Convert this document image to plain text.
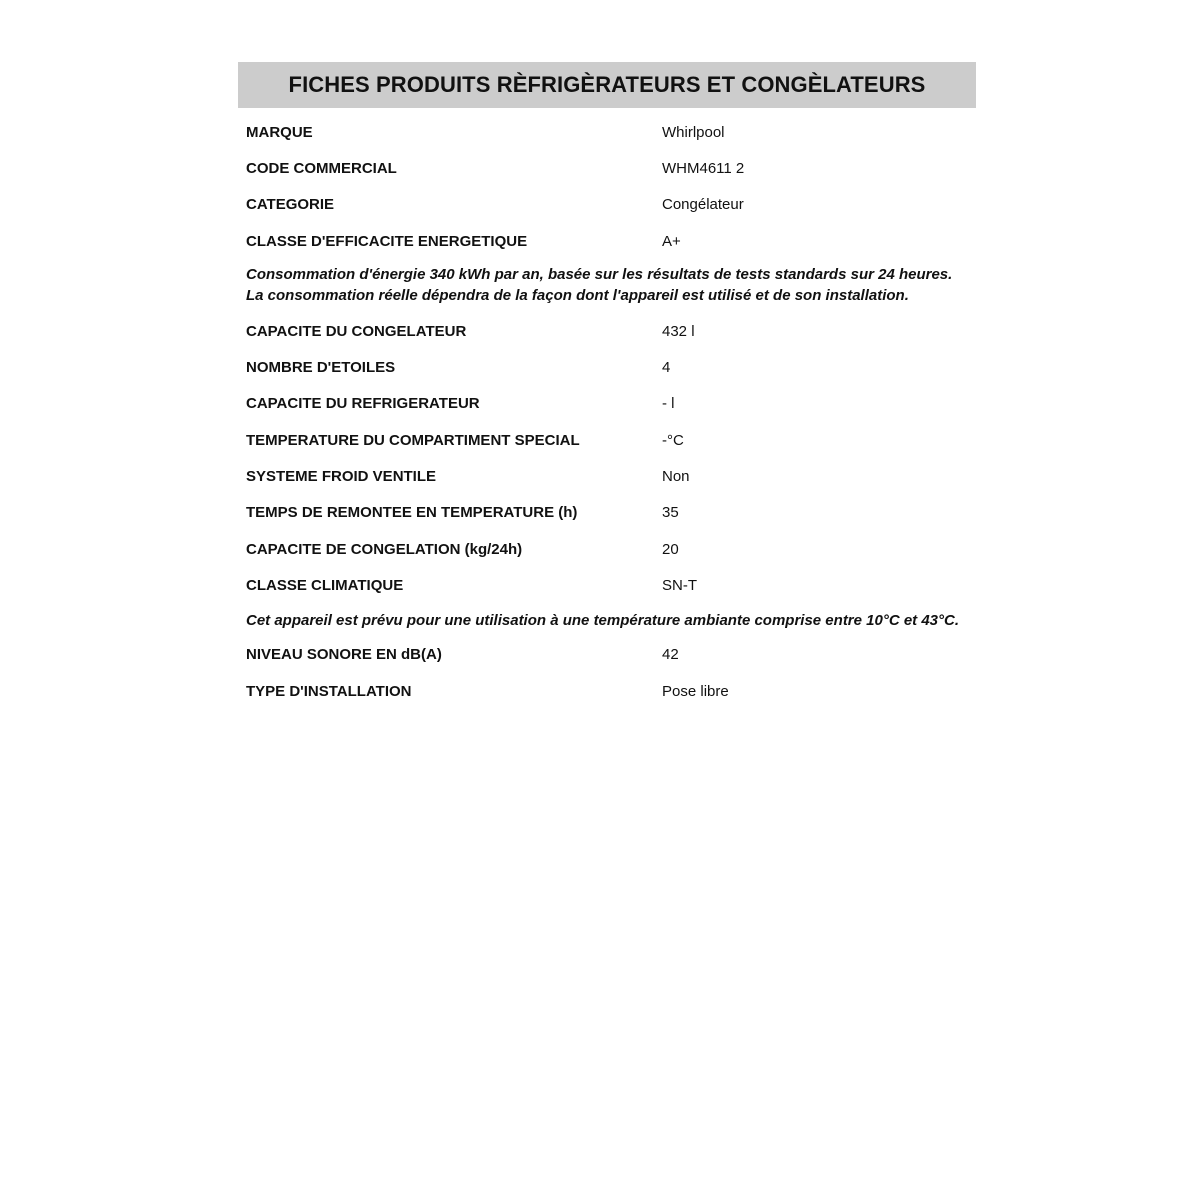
FICHES PRODUITS RÈFRIGÈRATEURS ET CONGÈLATEURS
MARQUE	Whirlpool
CODE COMMERCIAL	WHM4611 2
CATEGORIE	Congélateur
CLASSE D'EFFICACITE ENERGETIQUE	A+
Consommation d'énergie 340 kWh par an, basée sur les résultats de tests standards sur 24 heures. La consommation réelle dépendra de la façon dont l'appareil est utilisé et de son installation.
CAPACITE DU CONGELATEUR	432 l
NOMBRE D'ETOILES	4
CAPACITE DU REFRIGERATEUR	- l
TEMPERATURE DU COMPARTIMENT SPECIAL	-°C
SYSTEME FROID VENTILE	Non
TEMPS DE REMONTEE EN TEMPERATURE (h)	35
CAPACITE DE CONGELATION (kg/24h)	20
CLASSE CLIMATIQUE	SN-T
Cet appareil est prévu pour une utilisation à une température ambiante comprise entre 10°C et 43°C.
NIVEAU SONORE EN dB(A)	42
TYPE D'INSTALLATION	Pose libre
